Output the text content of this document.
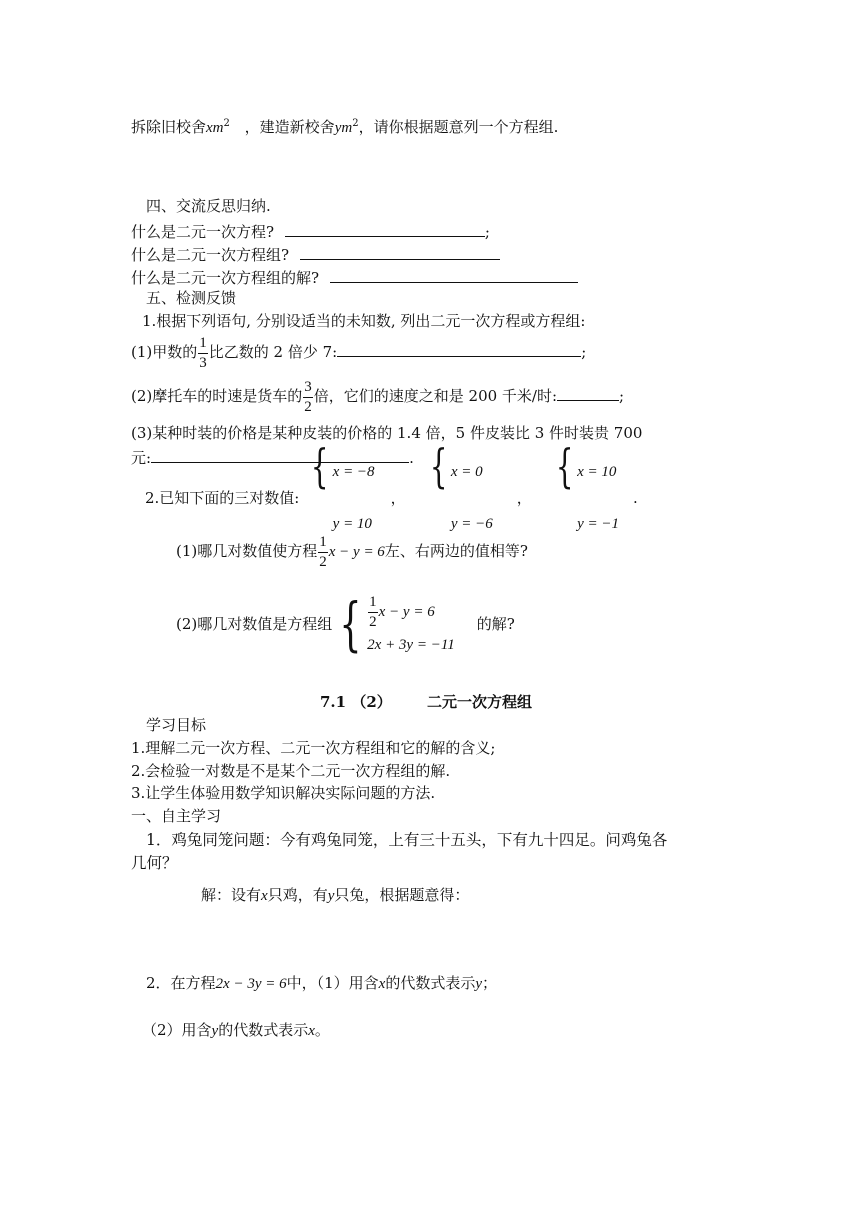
拆除旧校舍$xm^2$ ，建造新校舍$ym^2$，请你根据题意列一个方程组.
四、交流反思归纳.
什么是二元一次方程?	;
什么是二元一次方程组?
什么是二元一次方程组的解?
五、检测反馈
1.根据下列语句, 分别设适当的未知数, 列出二元一次方程或方程组:
(1)甲数的 $\frac{1}{3}$ 比乙数的 2 倍少 7:	;
(2)摩托车的时速是货车的 $\frac{3}{2}$ 倍，它们的速度之和是 200 千米/时:	;
(3)某种时装的价格是某种皮装的价格的 1.4 倍，5 件皮装比 3 件时装贵 700
元:	.
2.已知下面的三对数值:
{ x = −8
y = 10
，
{ x = 0
y = −6
，
{ x = 10
y = −1
.
(1)哪几对数值使方程 $\frac{1}{2}$ x − y = 6左、右两边的值相等?
(2)哪几对数值是方程组 { $\frac{1}{2}$ x − y = 6
2x + 3y = −11
的解?
7.1 （2） 二元一次方程组
学习目标
1.理解二元一次方程、二元一次方程组和它的解的含义;
2.会检验一对数是不是某个二元一次方程组的解.
3.让学生体验用数学知识解决实际问题的方法.
一、自主学习
1．鸡兔同笼问题：今有鸡兔同笼，上有三十五头，下有九十四足。问鸡兔各
几何？
解：设有x只鸡，有y只兔，根据题意得：
2．在方程2x − 3y = 6中，（1）用含x的代数式表示y；
（2）用含y的代数式表示x。
